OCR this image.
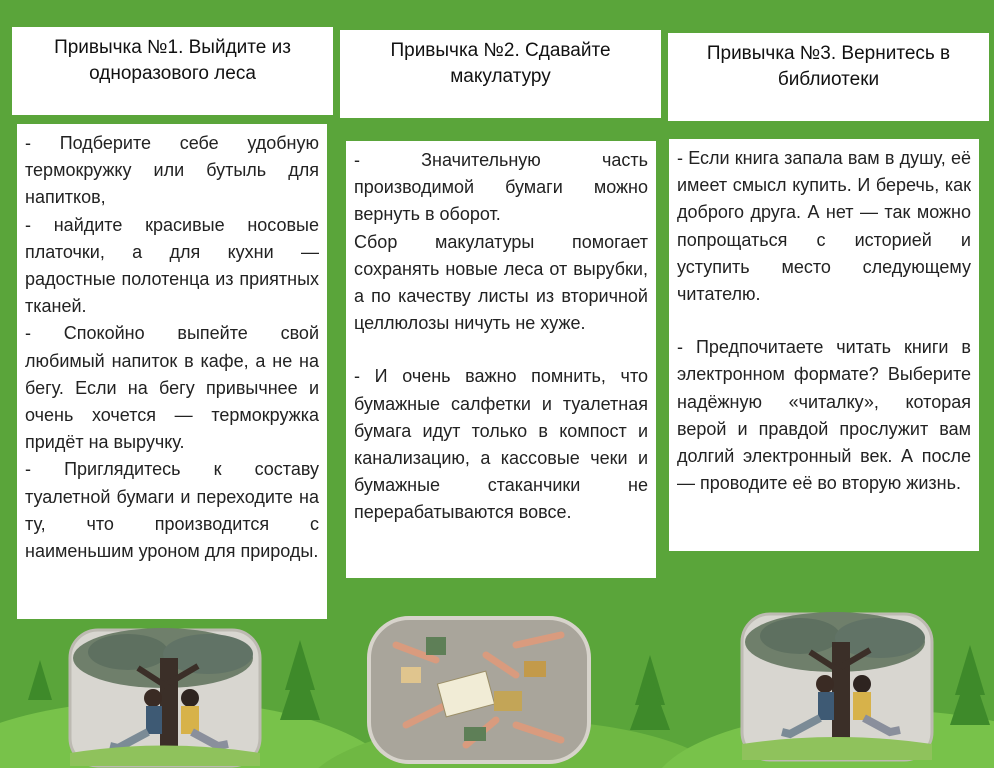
Привычка №1. Выйдите из одноразового леса

- Подберите себе удобную термокружку или бутыль для напитков,

- найдите красивые носовые платочки, а для кухни — радостные полотенца из приятных тканей.

- Спокойно выпейте свой любимый напиток в кафе, а не на бегу. Если на бегу привычнее и очень хочется — термокружка придёт на выручку.

- Приглядитесь к составу туалетной бумаги и переходите на ту, что производится с наименьшим уроном для природы.

Привычка №2. Сдавайте макулатуру

- Значительную часть производимой бумаги можно вернуть в оборот.

Сбор макулатуры помогает сохранять новые леса от вырубки, а по качеству листы из вторичной целлюлозы ничуть не хуже.

- И очень важно помнить, что бумажные салфетки и туалетная бумага идут только в компост и канализацию, а кассовые чеки и бумажные стаканчики не перерабатываются вовсе.

Привычка №3. Вернитесь в библиотеки

- Если книга запала вам в душу, её имеет смысл купить. И беречь, как доброго друга. А нет — так можно попрощаться с историей и уступить место следующему читателю.

- Предпочитаете читать книги в электронном формате? Выберите надёжную «читалку», которая верой и правдой прослужит вам долгий электронный век. А после — проводите её во вторую жизнь.
